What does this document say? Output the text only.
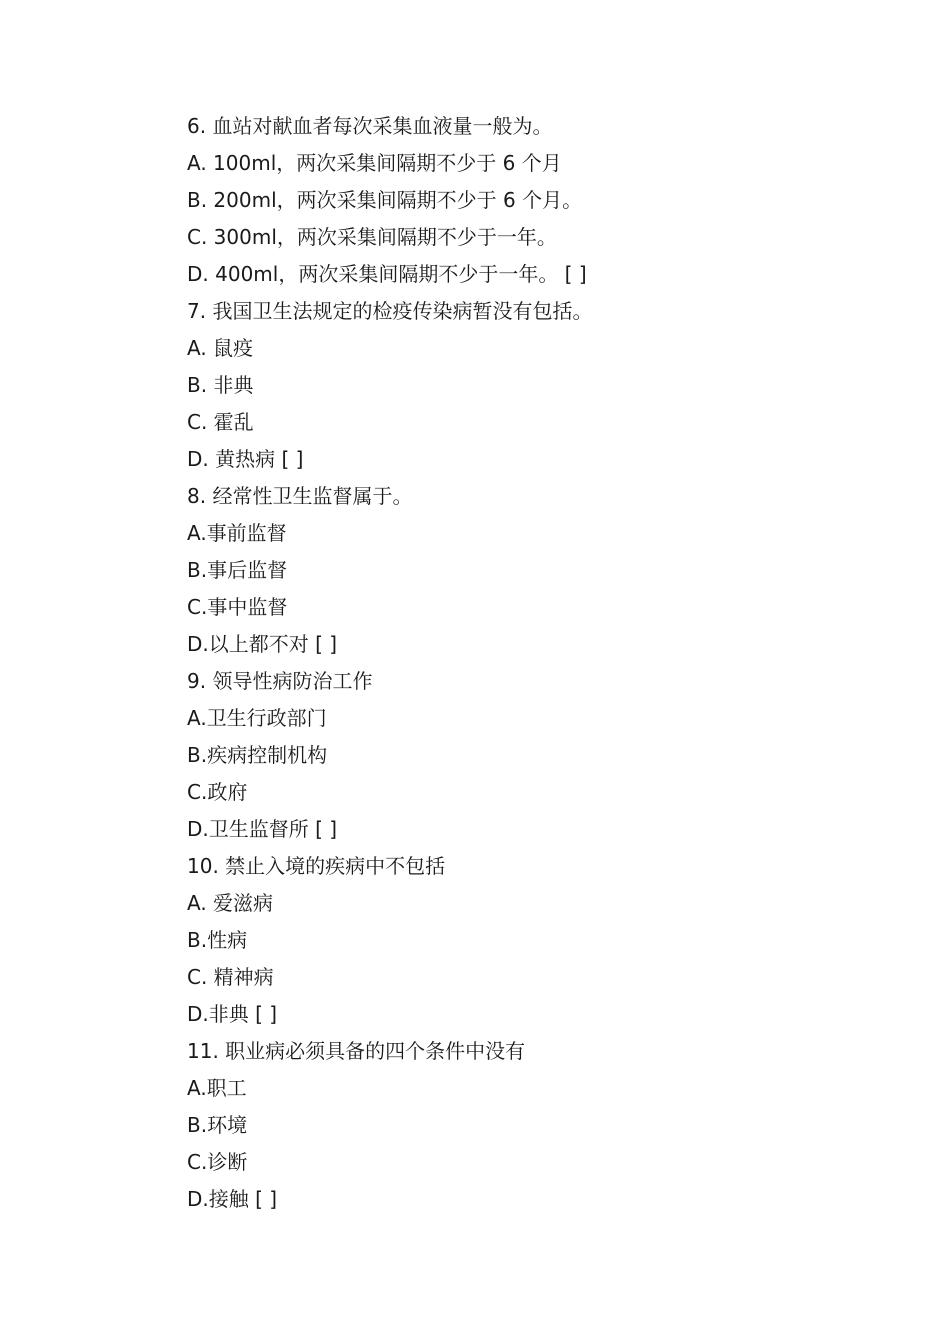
6. 血站对献血者每次采集血液量一般为。
A. 100ml，两次采集间隔期不少于 6 个月
B. 200ml，两次采集间隔期不少于 6 个月。
C. 300ml，两次采集间隔期不少于一年。
D. 400ml，两次采集间隔期不少于一年。 [ ]
7. 我国卫生法规定的检疫传染病暂没有包括。
A. 鼠疫
B. 非典
C. 霍乱
D. 黄热病 [ ]
8. 经常性卫生监督属于。
A.事前监督
B.事后监督
C.事中监督
D.以上都不对 [ ]
9. 领导性病防治工作
A.卫生行政部门
B.疾病控制机构
C.政府
D.卫生监督所 [ ]
10. 禁止入境的疾病中不包括
A. 爱滋病
B.性病
C. 精神病
D.非典 [ ]
11. 职业病必须具备的四个条件中没有
A.职工
B.环境
C.诊断
D.接触 [ ]
